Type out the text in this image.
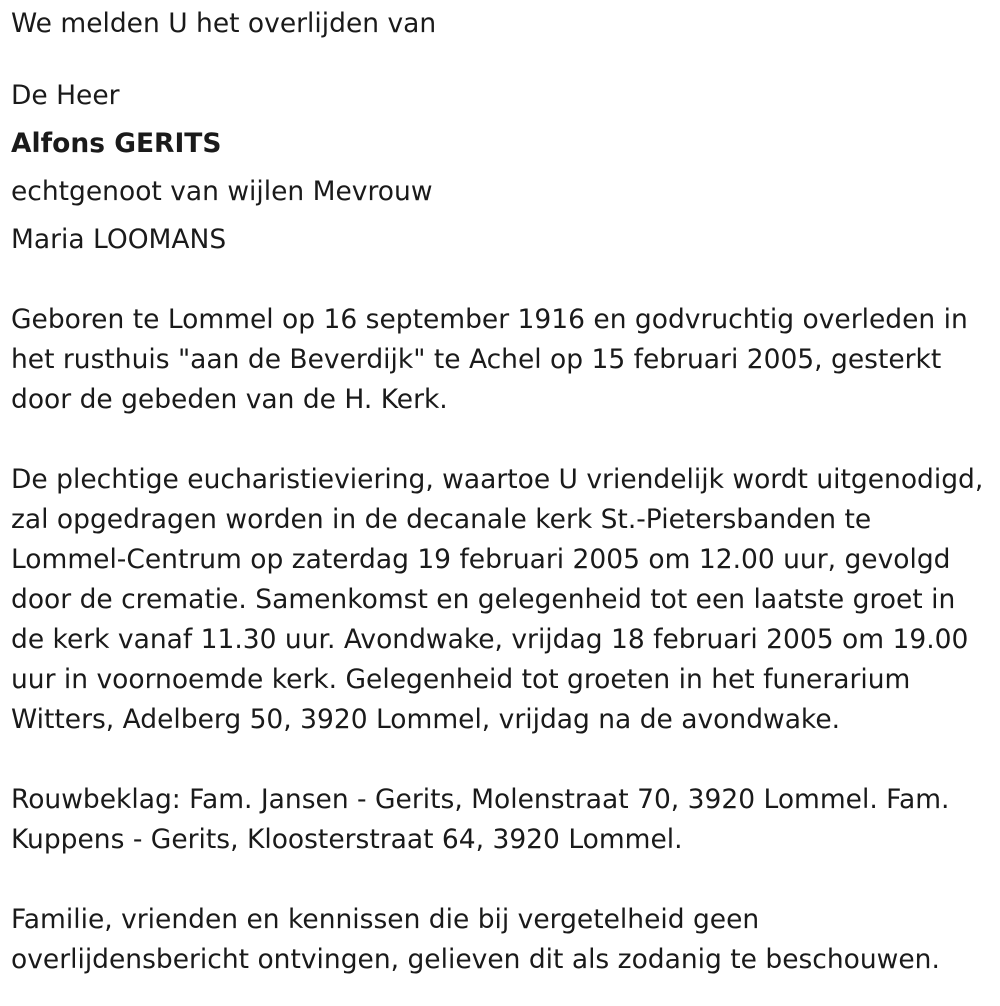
We melden U het overlijden van
De Heer
Alfons GERITS
echtgenoot van wijlen Mevrouw
Maria LOOMANS
Geboren te Lommel op 16 september 1916 en godvruchtig overleden in
het rusthuis "aan de Beverdijk" te Achel op 15 februari 2005, gesterkt
door de gebeden van de H. Kerk.
De plechtige eucharistieviering, waartoe U vriendelijk wordt uitgenodigd,
zal opgedragen worden in de decanale kerk St.-Pietersbanden te
Lommel-Centrum op zaterdag 19 februari 2005 om 12.00 uur, gevolgd
door de crematie. Samenkomst en gelegenheid tot een laatste groet in
de kerk vanaf 11.30 uur. Avondwake, vrijdag 18 februari 2005 om 19.00
uur in voornoemde kerk. Gelegenheid tot groeten in het funerarium
Witters, Adelberg 50, 3920 Lommel, vrijdag na de avondwake.
Rouwbeklag: Fam. Jansen - Gerits, Molenstraat 70, 3920 Lommel. Fam.
Kuppens - Gerits, Kloosterstraat 64, 3920 Lommel.
Familie, vrienden en kennissen die bij vergetelheid geen
overlijdensbericht ontvingen, gelieven dit als zodanig te beschouwen.
